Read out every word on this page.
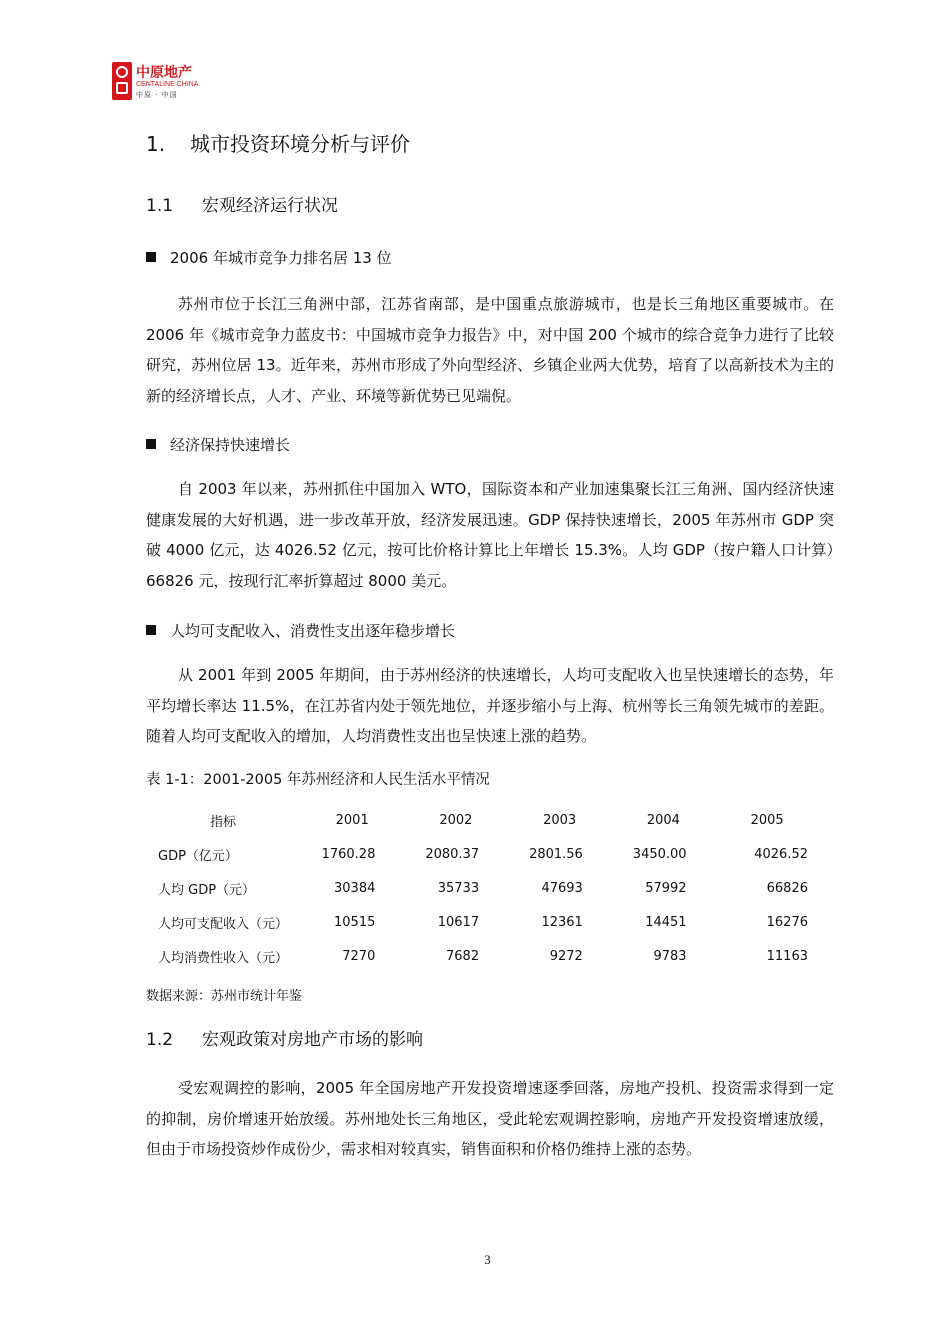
中原地产
CENTALINE CHINA
中原 · 中国
1. 城市投资环境分析与评价
1.1 宏观经济运行状况
2006 年城市竞争力排名居 13 位

苏州市位于长江三角洲中部，江苏省南部，是中国重点旅游城市，也是长三角地区重要城市。在 2006 年《城市竞争力蓝皮书：中国城市竞争力报告》中，对中国 200 个城市的综合竞争力进行了比较研究，苏州位居 13。近年来，苏州市形成了外向型经济、乡镇企业两大优势，培育了以高新技术为主的新的经济增长点，人才、产业、环境等新优势已见端倪。

经济保持快速增长

自 2003 年以来，苏州抓住中国加入 WTO，国际资本和产业加速集聚长江三角洲、国内经济快速健康发展的大好机遇，进一步改革开放，经济发展迅速。GDP 保持快速增长，2005 年苏州市 GDP 突破 4000 亿元，达 4026.52 亿元，按可比价格计算比上年增长 15.3%。人均 GDP（按户籍人口计算）66826 元，按现行汇率折算超过 8000 美元。

人均可支配收入、消费性支出逐年稳步增长

从 2001 年到 2005 年期间，由于苏州经济的快速增长，人均可支配收入也呈快速增长的态势，年平均增长率达 11.5%，在江苏省内处于领先地位，并逐步缩小与上海、杭州等长三角领先城市的差距。随着人均可支配收入的增加，人均消费性支出也呈快速上涨的趋势。

表 1-1：2001-2005 年苏州经济和人民生活水平情况
指标	2001	2002	2003	2004	2005
GDP（亿元）	1760.28	2080.37	2801.56	3450.00	4026.52
人均 GDP（元）	30384	35733	47693	57992	66826
人均可支配收入（元）	10515	10617	12361	14451	16276
人均消费性收入（元）	7270	7682	9272	9783	11163
数据来源：苏州市统计年鉴
1.2 宏观政策对房地产市场的影响

受宏观调控的影响，2005 年全国房地产开发投资增速逐季回落，房地产投机、投资需求得到一定的抑制，房价增速开始放缓。苏州地处长三角地区，受此轮宏观调控影响，房地产开发投资增速放缓，但由于市场投资炒作成份少，需求相对较真实，销售面积和价格仍维持上涨的态势。

3
